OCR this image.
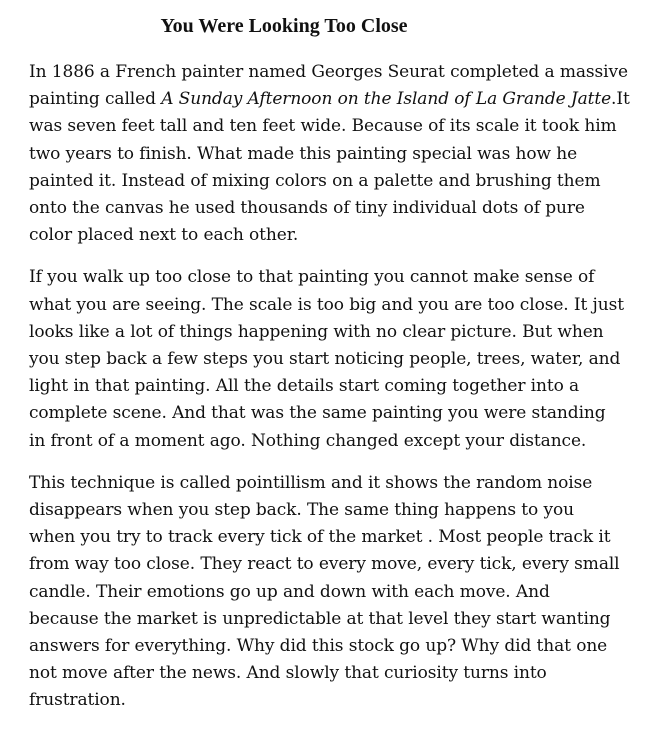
You Were Looking Too Close

In 1886 a French painter named Georges Seurat completed a massive
painting called A Sunday Afternoon on the Island of La Grande Jatte.It
was seven feet tall and ten feet wide. Because of its scale it took him
two years to finish. What made this painting special was how he
painted it. Instead of mixing colors on a palette and brushing them
onto the canvas he used thousands of tiny individual dots of pure
color placed next to each other.

If you walk up too close to that painting you cannot make sense of
what you are seeing. The scale is too big and you are too close. It just
looks like a lot of things happening with no clear picture. But when
you step back a few steps you start noticing people, trees, water, and
light in that painting. All the details start coming together into a
complete scene. And that was the same painting you were standing
in front of a moment ago. Nothing changed except your distance.

This technique is called pointillism and it shows the random noise
disappears when you step back. The same thing happens to you
when you try to track every tick of the market . Most people track it
from way too close. They react to every move, every tick, every small
candle. Their emotions go up and down with each move. And
because the market is unpredictable at that level they start wanting
answers for everything. Why did this stock go up? Why did that one
not move after the news. And slowly that curiosity turns into
frustration.
